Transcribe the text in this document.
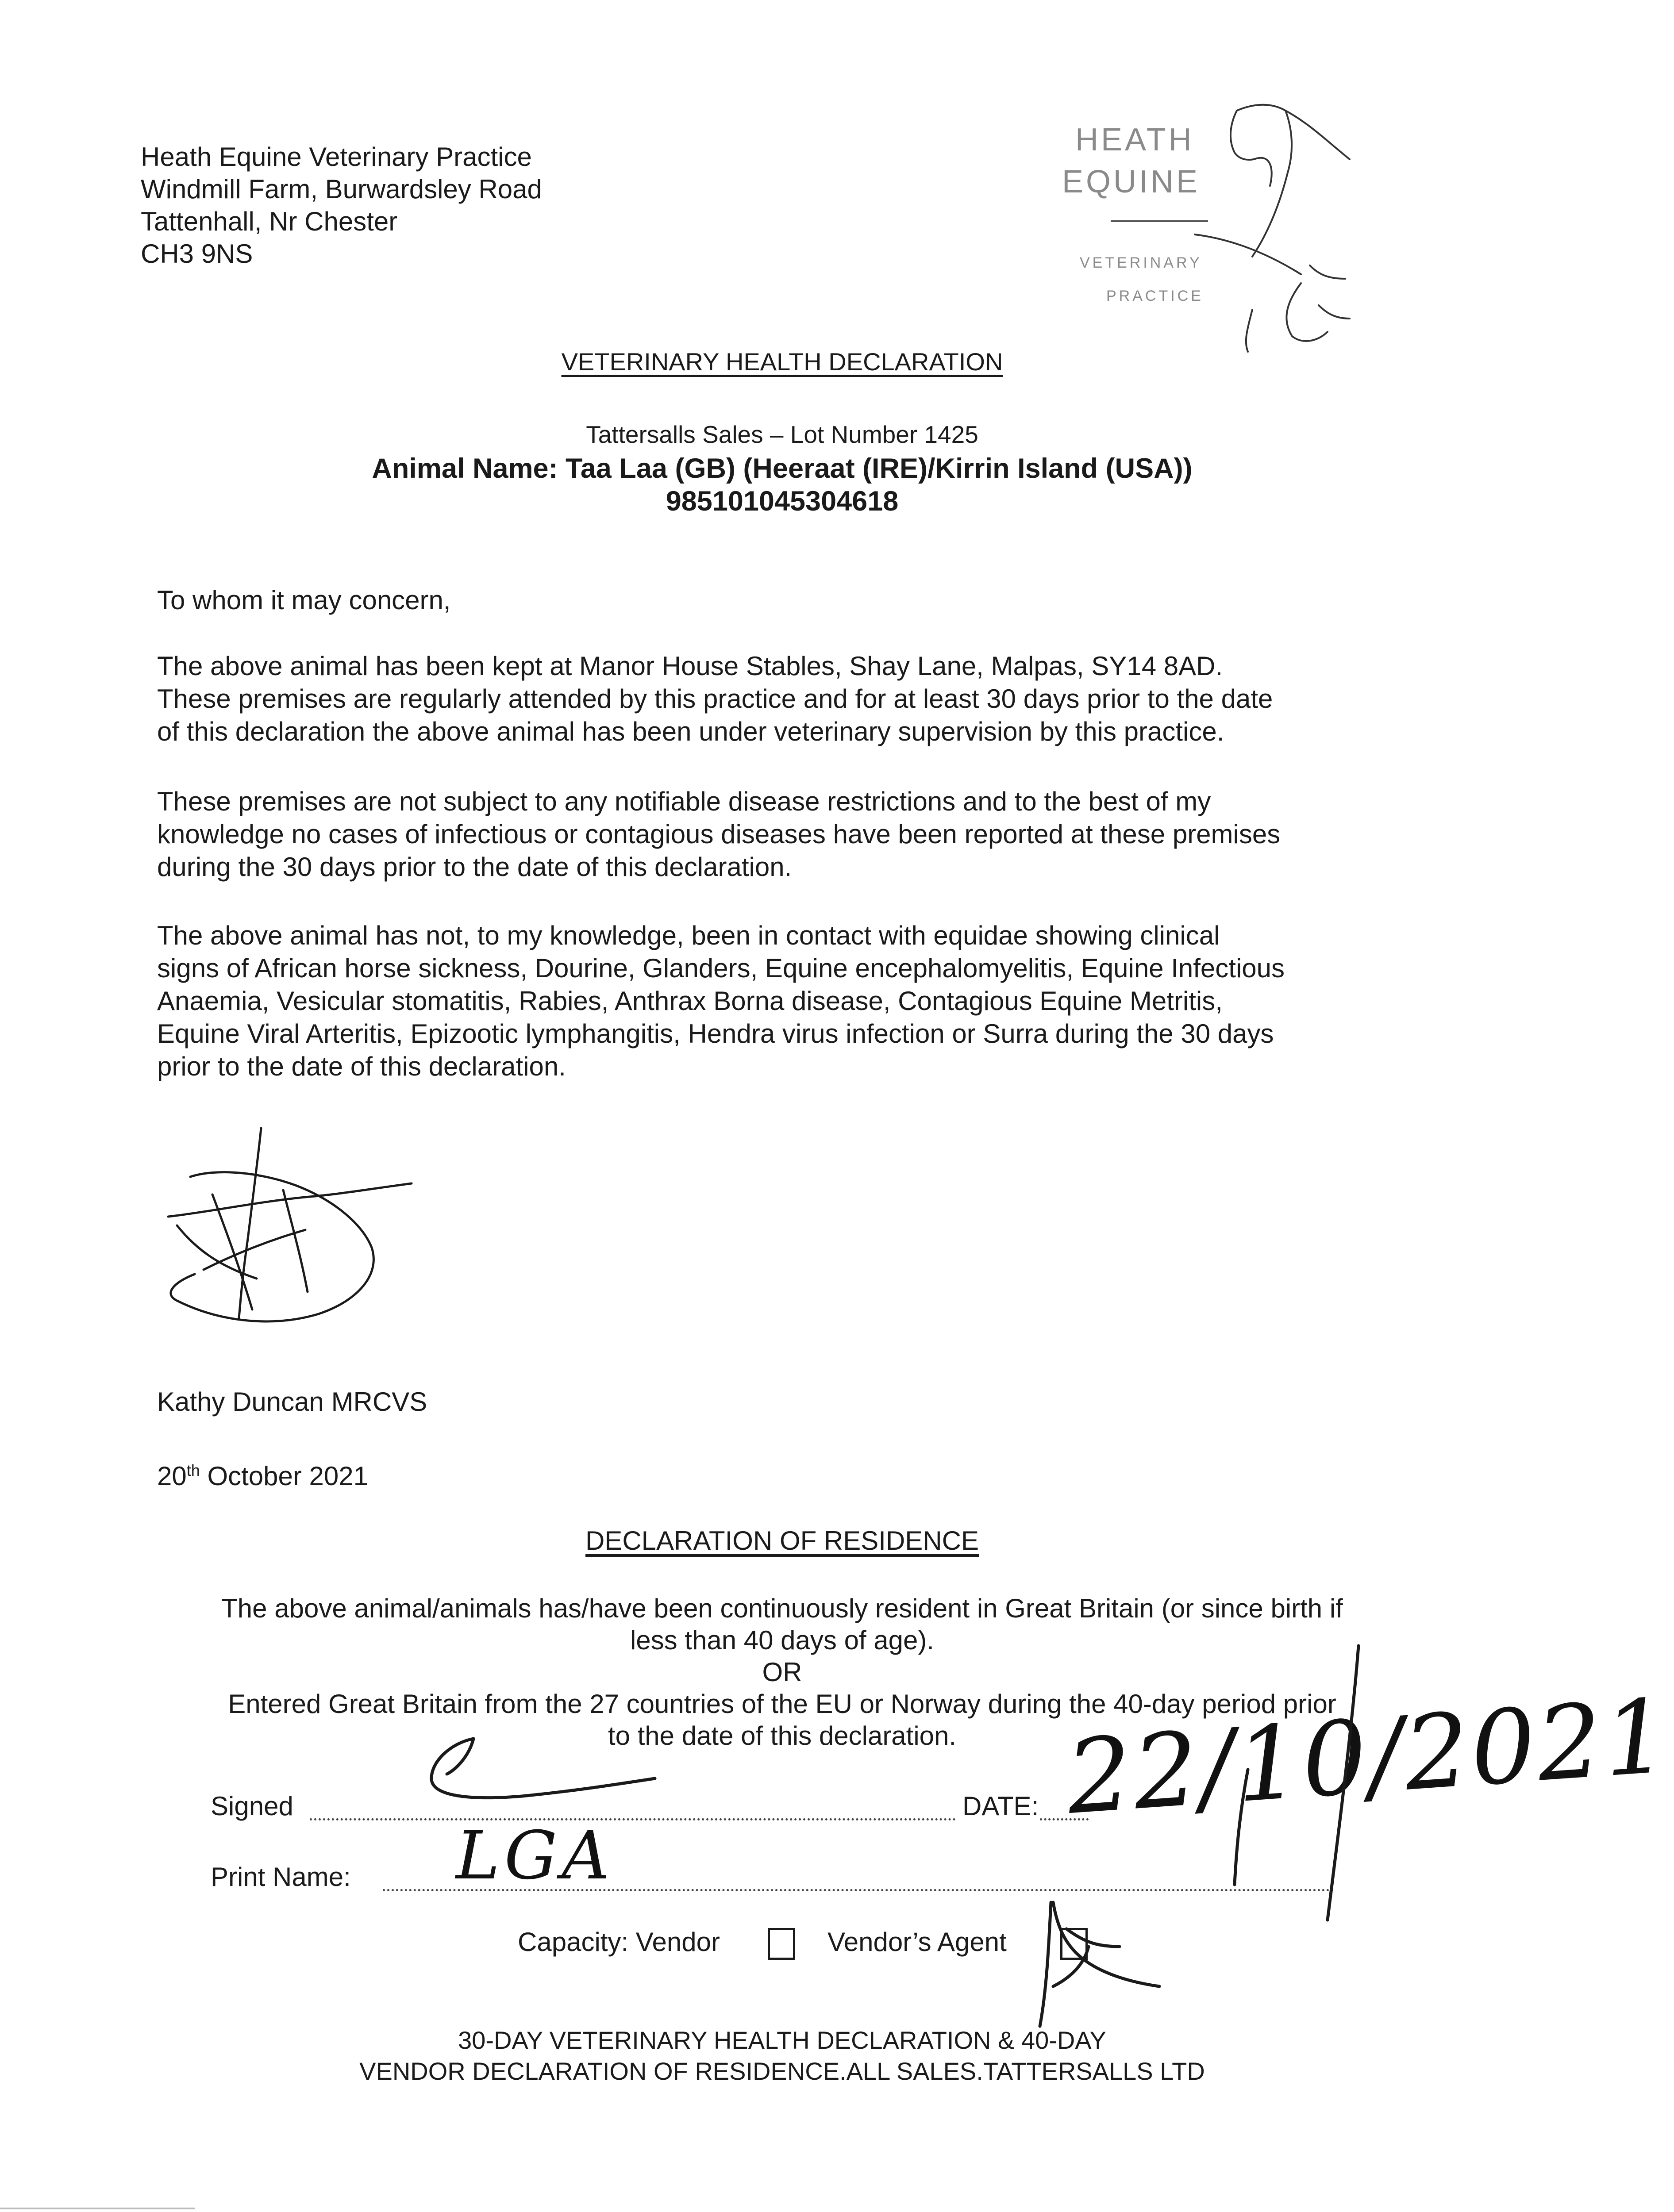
Heath Equine Veterinary Practice
Windmill Farm, Burwardsley Road
Tattenhall, Nr Chester
CH3 9NS
HEATH
EQUINE
VETERINARY
PRACTICE
VETERINARY HEALTH DECLARATION
Tattersalls Sales – Lot Number 1425
Animal Name: Taa Laa (GB) (Heeraat (IRE)/Kirrin Island (USA))
985101045304618
To whom it may concern,
The above animal has been kept at Manor House Stables, Shay Lane, Malpas, SY14 8AD.
These premises are regularly attended by this practice and for at least 30 days prior to the date
of this declaration the above animal has been under veterinary supervision by this practice.
These premises are not subject to any notifiable disease restrictions and to the best of my
knowledge no cases of infectious or contagious diseases have been reported at these premises
during the 30 days prior to the date of this declaration.
The above animal has not, to my knowledge, been in contact with equidae showing clinical
signs of African horse sickness, Dourine, Glanders, Equine encephalomyelitis, Equine Infectious
Anaemia, Vesicular stomatitis, Rabies, Anthrax Borna disease, Contagious Equine Metritis,
Equine Viral Arteritis, Epizootic lymphangitis, Hendra virus infection or Surra during the 30 days
prior to the date of this declaration.
Kathy Duncan MRCVS
20th October 2021
DECLARATION OF RESIDENCE
The above animal/animals has/have been continuously resident in Great Britain (or since birth if
less than 40 days of age).
OR
Entered Great Britain from the 27 countries of the EU or Norway during the 40-day period prior
to the date of this declaration.
Signed	DATE: 22/10/2021
Print Name: LGA
Capacity: Vendor	Vendor’s Agent
30-DAY VETERINARY HEALTH DECLARATION & 40-DAY
VENDOR DECLARATION OF RESIDENCE.ALL SALES.TATTERSALLS LTD
